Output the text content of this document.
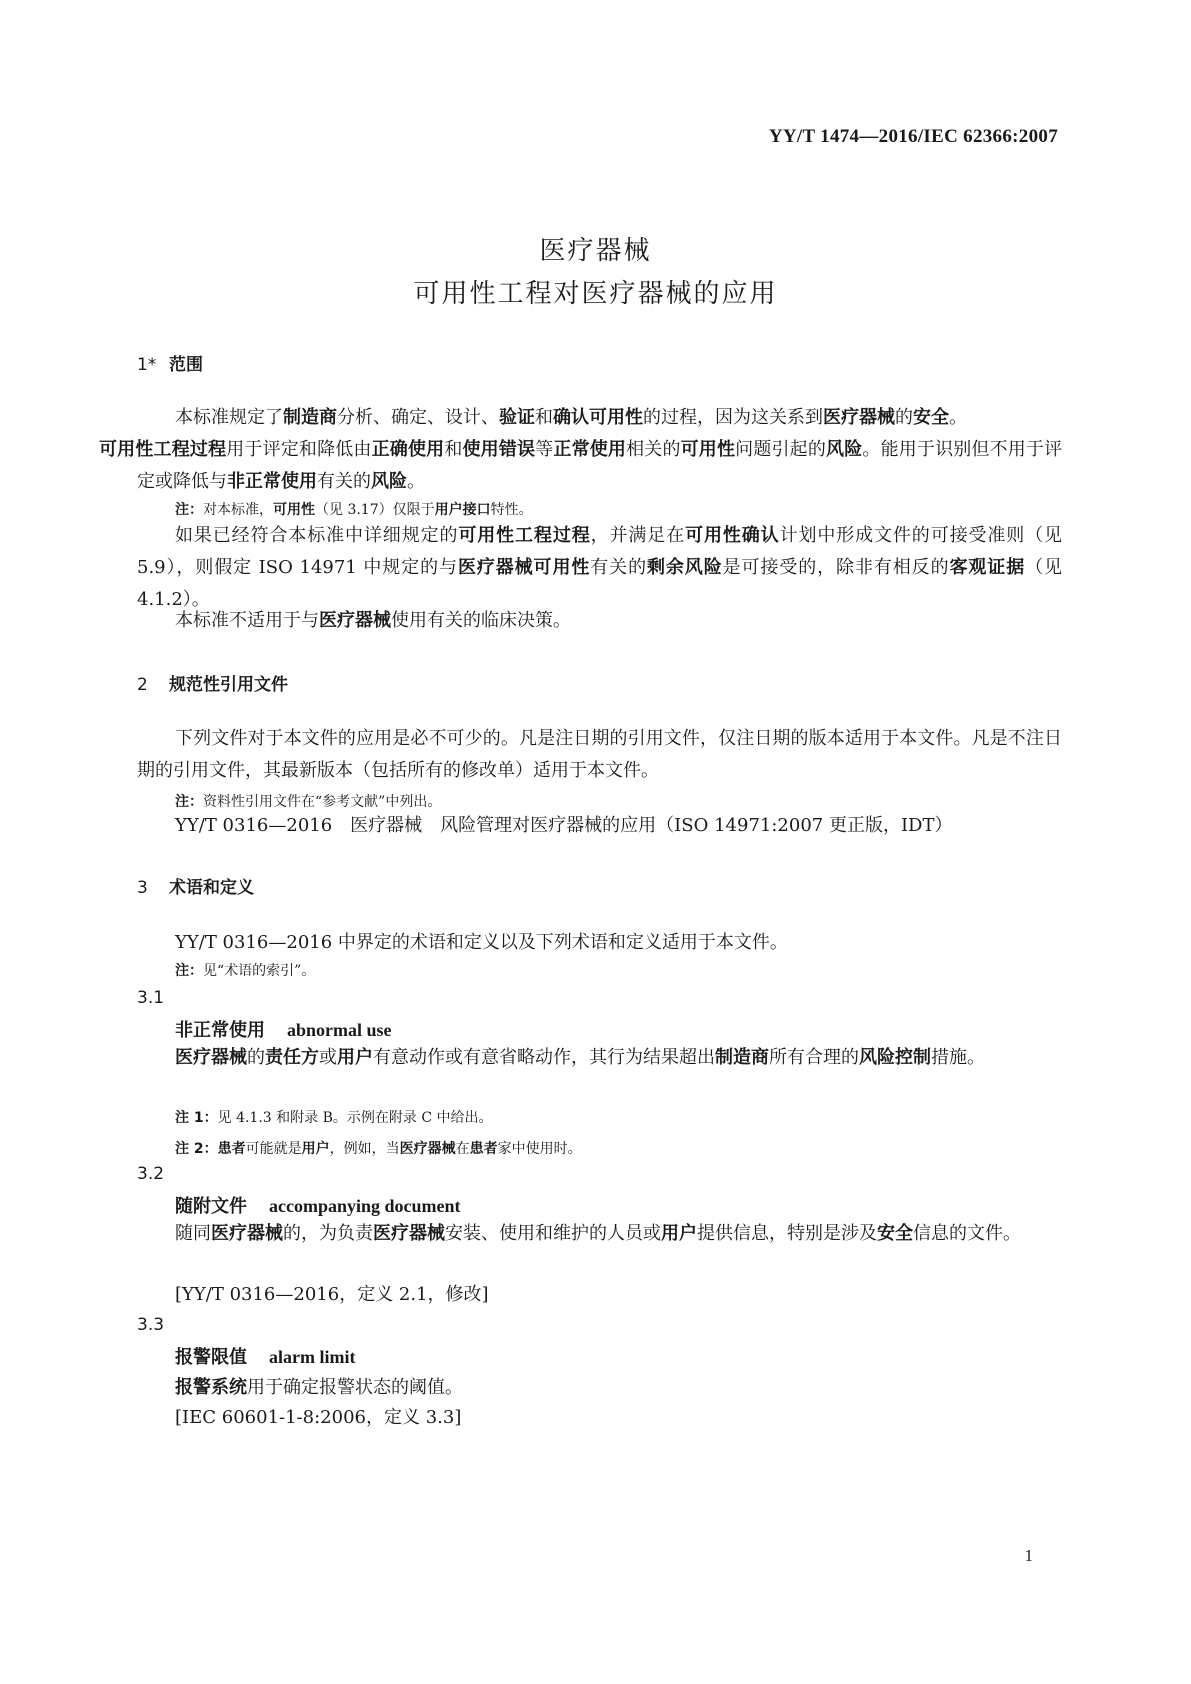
YY/T 1474—2016/IEC 62366:2007
医疗器械
可用性工程对医疗器械的应用
1* 范围
本标准规定了制造商分析、确定、设计、验证和确认可用性的过程，因为这关系到医疗器械的安全。
可用性工程过程用于评定和降低由正确使用和使用错误等正常使用相关的可用性问题引起的风险。能用于识别但不用于评定或降低与非正常使用有关的风险。
注：对本标准，可用性（见 3.17）仅限于用户接口特性。
如果已经符合本标准中详细规定的可用性工程过程，并满足在可用性确认计划中形成文件的可接受准则（见 5.9），则假定 ISO 14971 中规定的与医疗器械可用性有关的剩余风险是可接受的，除非有相反的客观证据（见 4.1.2）。
本标准不适用于与医疗器械使用有关的临床决策。
2 规范性引用文件
下列文件对于本文件的应用是必不可少的。凡是注日期的引用文件，仅注日期的版本适用于本文件。凡是不注日期的引用文件，其最新版本（包括所有的修改单）适用于本文件。
注：资料性引用文件在“参考文献”中列出。
YY/T 0316—2016　医疗器械　风险管理对医疗器械的应用（ISO 14971:2007 更正版，IDT）
3 术语和定义
YY/T 0316—2016 中界定的术语和定义以及下列术语和定义适用于本文件。
注：见“术语的索引”。
3.1
非正常使用 abnormal use
医疗器械的责任方或用户有意动作或有意省略动作，其行为结果超出制造商所有合理的风险控制措施。
注 1：见 4.1.3 和附录 B。示例在附录 C 中给出。
注 2：患者可能就是用户，例如，当医疗器械在患者家中使用时。
3.2
随附文件 accompanying document
随同医疗器械的，为负责医疗器械安装、使用和维护的人员或用户提供信息，特别是涉及安全信息的文件。
[YY/T 0316—2016，定义 2.1，修改]
3.3
报警限值 alarm limit
报警系统用于确定报警状态的阈值。
[IEC 60601-1-8:2006，定义 3.3]
1
